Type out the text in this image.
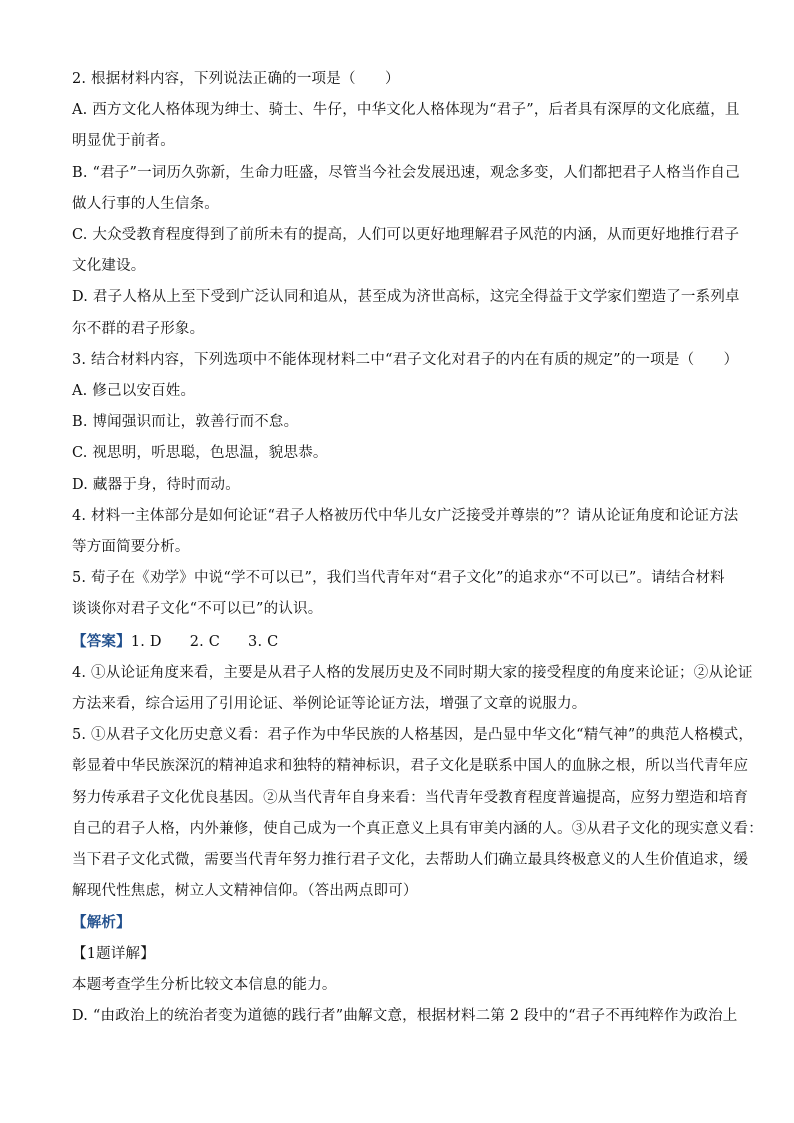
2. 根据材料内容，下列说法正确的一项是（　　）
A. 西方文化人格体现为绅士、骑士、牛仔，中华文化人格体现为“君子”，后者具有深厚的文化底蕴，且
明显优于前者。
B. “君子”一词历久弥新，生命力旺盛，尽管当今社会发展迅速，观念多变，人们都把君子人格当作自己
做人行事的人生信条。
C. 大众受教育程度得到了前所未有的提高，人们可以更好地理解君子风范的内涵，从而更好地推行君子
文化建设。
D. 君子人格从上至下受到广泛认同和追从，甚至成为济世高标，这完全得益于文学家们塑造了一系列卓
尔不群的君子形象。
3. 结合材料内容，下列选项中不能体现材料二中“君子文化对君子的内在有质的规定”的一项是（　　）
A. 修己以安百姓。
B. 博闻强识而让，敦善行而不怠。
C. 视思明，听思聪，色思温，貌思恭。
D. 藏器于身，待时而动。
4. 材料一主体部分是如何论证“君子人格被历代中华儿女广泛接受并尊崇的”？请从论证角度和论证方法
等方面简要分析。
5. 荀子在《劝学》中说“学不可以已”，我们当代青年对“君子文化”的追求亦“不可以已”。请结合材料
谈谈你对君子文化“不可以已”的认识。
【答案】1. D 2. C 3. C
4. ①从论证角度来看，主要是从君子人格的发展历史及不同时期大家的接受程度的角度来论证；②从论证
方法来看，综合运用了引用论证、举例论证等论证方法，增强了文章的说服力。
5. ①从君子文化历史意义看：君子作为中华民族的人格基因，是凸显中华文化“精气神”的典范人格模式，
彰显着中华民族深沉的精神追求和独特的精神标识，君子文化是联系中国人的血脉之根，所以当代青年应
努力传承君子文化优良基因。②从当代青年自身来看：当代青年受教育程度普遍提高，应努力塑造和培育
自己的君子人格，内外兼修，使自己成为一个真正意义上具有审美内涵的人。③从君子文化的现实意义看：
当下君子文化式微，需要当代青年努力推行君子文化，去帮助人们确立最具终极意义的人生价值追求，缓
解现代性焦虑，树立人文精神信仰。（答出两点即可）
【解析】
【1题详解】
本题考查学生分析比较文本信息的能力。
D. “由政治上的统治者变为道德的践行者”曲解文意，根据材料二第 2 段中的“君子不再纯粹作为政治上
